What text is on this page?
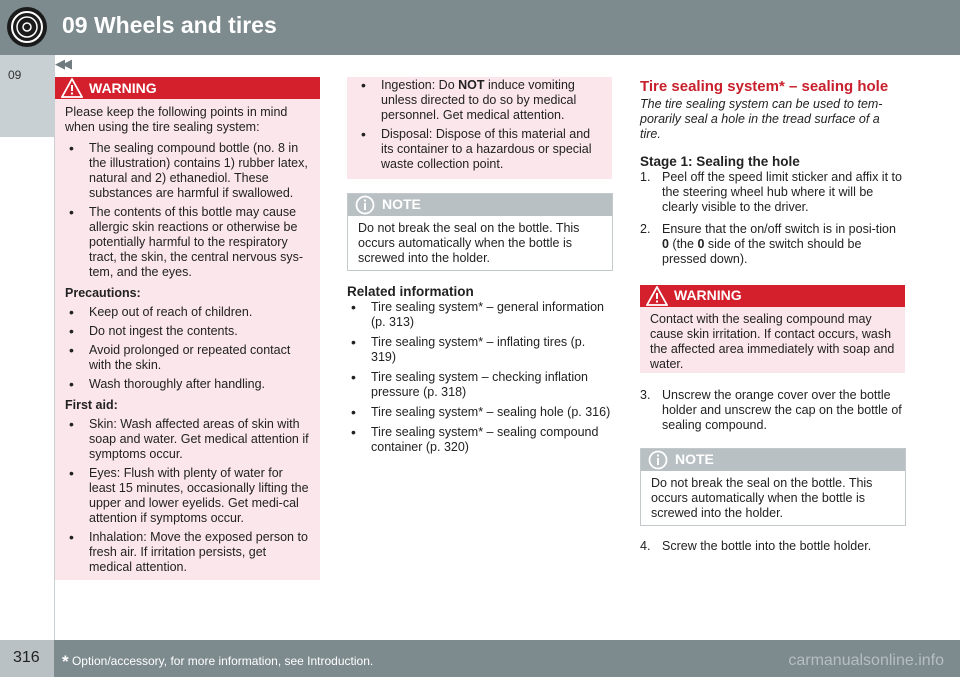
09 Wheels and tires
◀◀
09
WARNING
Please keep the following points in mind when using the tire sealing system:
• The sealing compound bottle (no. 8 in the illustration) contains 1) rubber latex, natural and 2) ethanediol. These substances are harmful if swallowed.
• The contents of this bottle may cause allergic skin reactions or otherwise be potentially harmful to the respiratory tract, the skin, the central nervous sys-tem, and the eyes.
Precautions:
• Keep out of reach of children.
• Do not ingest the contents.
• Avoid prolonged or repeated contact with the skin.
• Wash thoroughly after handling.
First aid:
• Skin: Wash affected areas of skin with soap and water. Get medical attention if symptoms occur.
• Eyes: Flush with plenty of water for least 15 minutes, occasionally lifting the upper and lower eyelids. Get medi-cal attention if symptoms occur.
• Inhalation: Move the exposed person to fresh air. If irritation persists, get medical attention.
• Ingestion: Do NOT induce vomiting unless directed to do so by medical personnel. Get medical attention.
• Disposal: Dispose of this material and its container to a hazardous or special waste collection point.
NOTE
Do not break the seal on the bottle. This occurs automatically when the bottle is screwed into the holder.
Related information
• Tire sealing system* – general information (p. 313)
• Tire sealing system* – inflating tires (p. 319)
• Tire sealing system – checking inflation pressure (p. 318)
• Tire sealing system* – sealing hole (p. 316)
• Tire sealing system* – sealing compound container (p. 320)
Tire sealing system* – sealing hole
The tire sealing system can be used to tem-porarily seal a hole in the tread surface of a tire.
Stage 1: Sealing the hole
1. Peel off the speed limit sticker and affix it to the steering wheel hub where it will be clearly visible to the driver.
2. Ensure that the on/off switch is in posi-tion 0 (the 0 side of the switch should be pressed down).
WARNING
Contact with the sealing compound may cause skin irritation. If contact occurs, wash the affected area immediately with soap and water.
3. Unscrew the orange cover over the bottle holder and unscrew the cap on the bottle of sealing compound.
NOTE
Do not break the seal on the bottle. This occurs automatically when the bottle is screwed into the holder.
4. Screw the bottle into the bottle holder.
316 * Option/accessory, for more information, see Introduction.	carmanualsonline.info
